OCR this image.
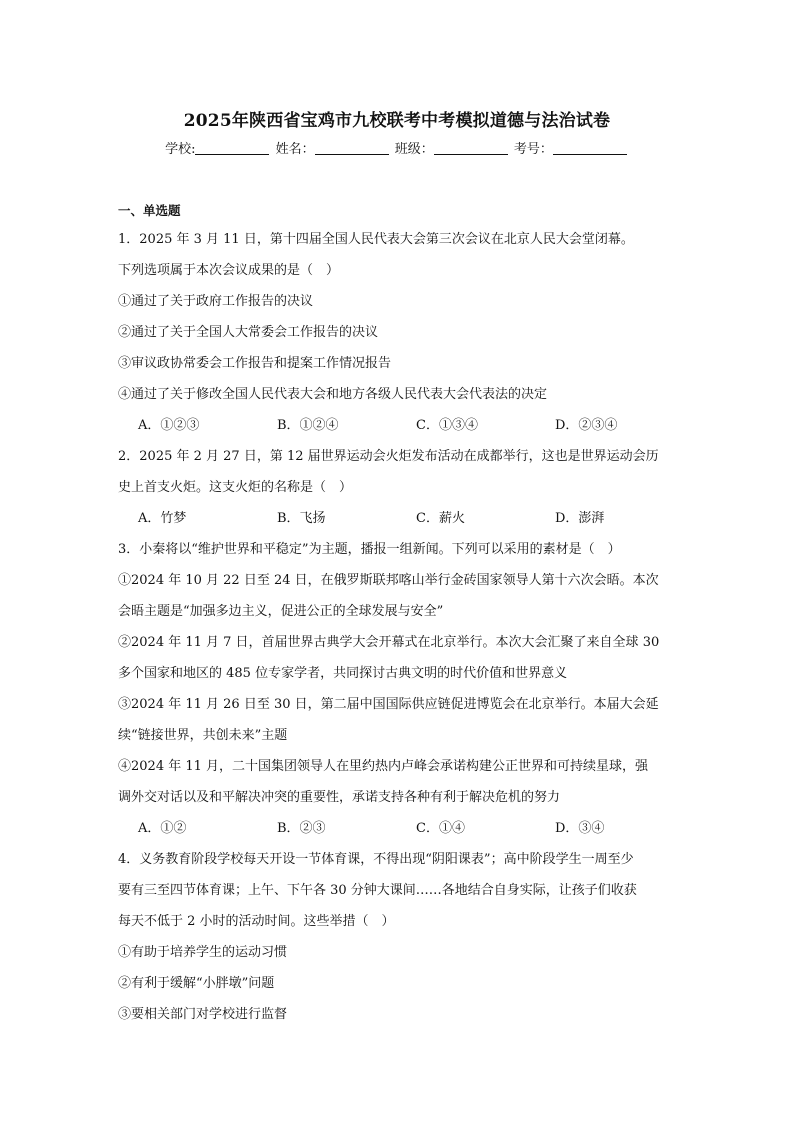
2025年陕西省宝鸡市九校联考中考模拟道德与法治试卷
学校:	姓名：	班级：	考号：
一、单选题
1．2025 年 3 月 11 日，第十四届全国人民代表大会第三次会议在北京人民大会堂闭幕。
下列选项属于本次会议成果的是（　）
①通过了关于政府工作报告的决议
②通过了关于全国人大常委会工作报告的决议
③审议政协常委会工作报告和提案工作情况报告
④通过了关于修改全国人民代表大会和地方各级人民代表大会代表法的决定
A．①②③	B．①②④	C．①③④	D．②③④
2．2025 年 2 月 27 日，第 12 届世界运动会火炬发布活动在成都举行，这也是世界运动会历
史上首支火炬。这支火炬的名称是（　）
A．竹梦	B．飞扬	C．薪火	D．澎湃
3．小秦将以“维护世界和平稳定”为主题，播报一组新闻。下列可以采用的素材是（　）
①2024 年 10 月 22 日至 24 日，在俄罗斯联邦喀山举行金砖国家领导人第十六次会晤。本次
会晤主题是“加强多边主义，促进公正的全球发展与安全”
②2024 年 11 月 7 日，首届世界古典学大会开幕式在北京举行。本次大会汇聚了来自全球 30
多个国家和地区的 485 位专家学者，共同探讨古典文明的时代价值和世界意义
③2024 年 11 月 26 日至 30 日，第二届中国国际供应链促进博览会在北京举行。本届大会延
续“链接世界，共创未来”主题
④2024 年 11 月，二十国集团领导人在里约热内卢峰会承诺构建公正世界和可持续星球，强
调外交对话以及和平解决冲突的重要性，承诺支持各种有利于解决危机的努力
A．①②	B．②③	C．①④	D．③④
4．义务教育阶段学校每天开设一节体育课，不得出现“阴阳课表”；高中阶段学生一周至少
要有三至四节体育课；上午、下午各 30 分钟大课间……各地结合自身实际，让孩子们收获
每天不低于 2 小时的活动时间。这些举措（　）
①有助于培养学生的运动习惯
②有利于缓解“小胖墩”问题
③要相关部门对学校进行监督
